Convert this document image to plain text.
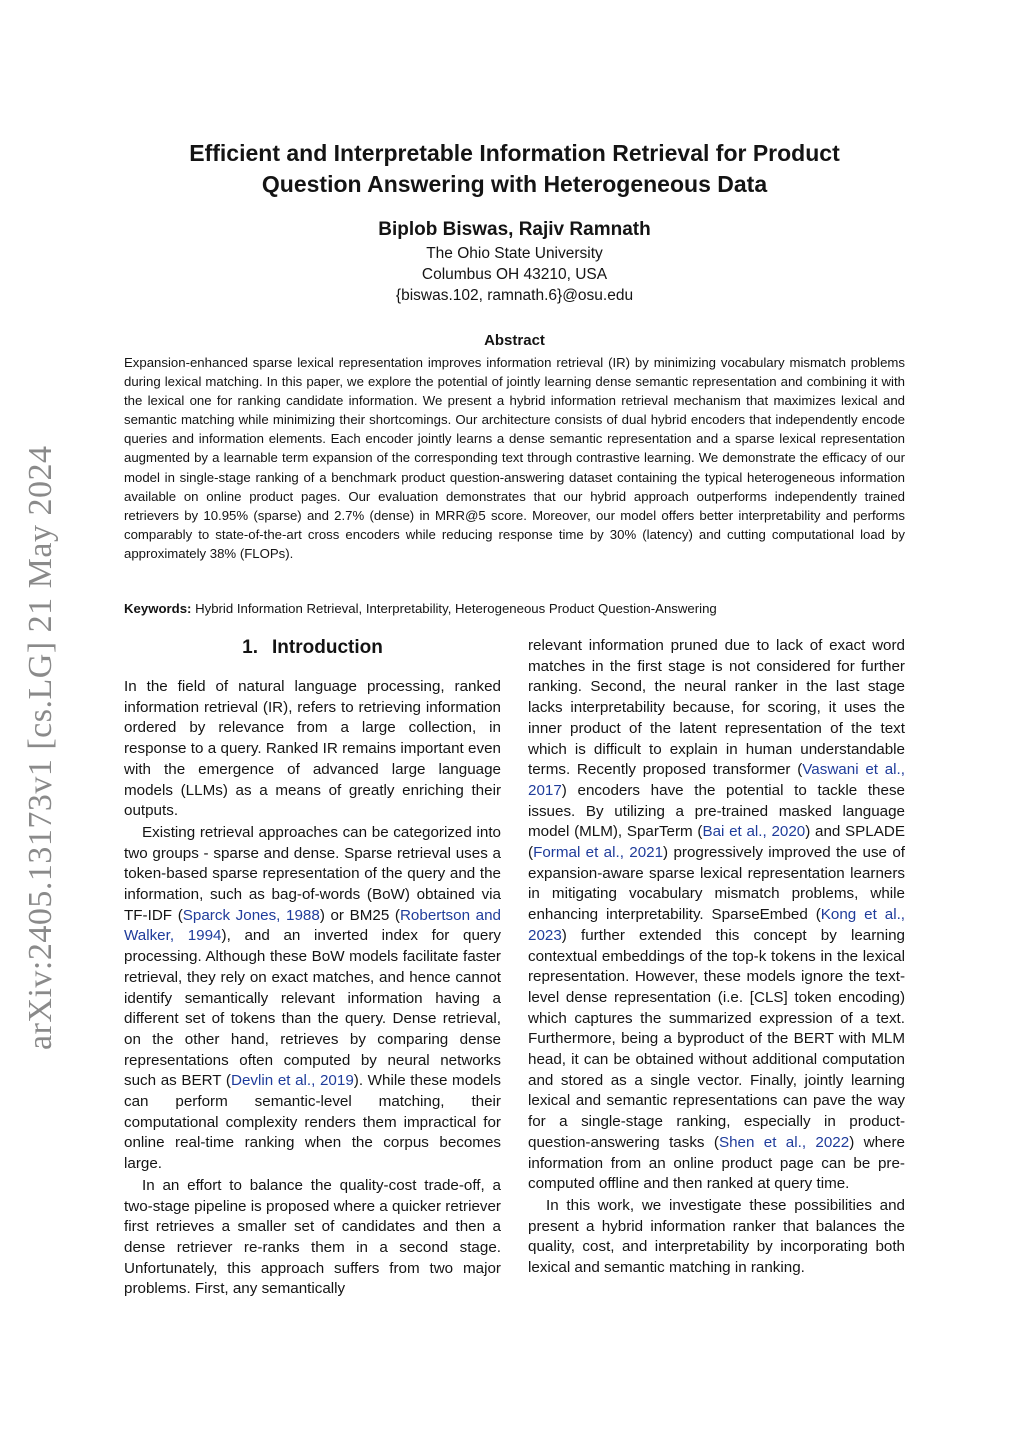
arXiv:2405.13173v1 [cs.LG] 21 May 2024
Efficient and Interpretable Information Retrieval for Product
Question Answering with Heterogeneous Data
Biplob Biswas, Rajiv Ramnath
The Ohio State University
Columbus OH 43210, USA
{biswas.102, ramnath.6}@osu.edu
Abstract
Expansion-enhanced sparse lexical representation improves information retrieval (IR) by minimizing vocabulary mismatch problems during lexical matching. In this paper, we explore the potential of jointly learning dense semantic representation and combining it with the lexical one for ranking candidate information. We present a hybrid information retrieval mechanism that maximizes lexical and semantic matching while minimizing their shortcomings. Our architecture consists of dual hybrid encoders that independently encode queries and information elements. Each encoder jointly learns a dense semantic representation and a sparse lexical representation augmented by a learnable term expansion of the corresponding text through contrastive learning. We demonstrate the efficacy of our model in single-stage ranking of a benchmark product question-answering dataset containing the typical heterogeneous information available on online product pages. Our evaluation demonstrates that our hybrid approach outperforms independently trained retrievers by 10.95% (sparse) and 2.7% (dense) in MRR@5 score. Moreover, our model offers better interpretability and performs comparably to state-of-the-art cross encoders while reducing response time by 30% (latency) and cutting computational load by approximately 38% (FLOPs).
Keywords: Hybrid Information Retrieval, Interpretability, Heterogeneous Product Question-Answering
1. Introduction

In the field of natural language processing, ranked information retrieval (IR), refers to retrieving information ordered by relevance from a large collection, in response to a query. Ranked IR remains important even with the emergence of advanced large language models (LLMs) as a means of greatly enriching their outputs.

Existing retrieval approaches can be categorized into two groups - sparse and dense. Sparse retrieval uses a token-based sparse representation of the query and the information, such as bag-of-words (BoW) obtained via TF-IDF (Sparck Jones, 1988) or BM25 (Robertson and Walker, 1994), and an inverted index for query processing. Although these BoW models facilitate faster retrieval, they rely on exact matches, and hence cannot identify semantically relevant information having a different set of tokens than the query. Dense retrieval, on the other hand, retrieves by comparing dense representations often computed by neural networks such as BERT (Devlin et al., 2019). While these models can perform semantic-level matching, their computational complexity renders them impractical for online real-time ranking when the corpus becomes large.

In an effort to balance the quality-cost trade-off, a two-stage pipeline is proposed where a quicker retriever first retrieves a smaller set of candidates and then a dense retriever re-ranks them in a second stage. Unfortunately, this approach suffers from two major problems. First, any semantically

relevant information pruned due to lack of exact word matches in the first stage is not considered for further ranking. Second, the neural ranker in the last stage lacks interpretability because, for scoring, it uses the inner product of the latent representation of the text which is difficult to explain in human understandable terms. Recently proposed transformer (Vaswani et al., 2017) encoders have the potential to tackle these issues. By utilizing a pre-trained masked language model (MLM), SparTerm (Bai et al., 2020) and SPLADE (Formal et al., 2021) progressively improved the use of expansion-aware sparse lexical representation learners in mitigating vocabulary mismatch problems, while enhancing interpretability. SparseEmbed (Kong et al., 2023) further extended this concept by learning contextual embeddings of the top-k tokens in the lexical representation. However, these models ignore the text-level dense representation (i.e. [CLS] token encoding) which captures the summarized expression of a text. Furthermore, being a byproduct of the BERT with MLM head, it can be obtained without additional computation and stored as a single vector. Finally, jointly learning lexical and semantic representations can pave the way for a single-stage ranking, especially in product-question-answering tasks (Shen et al., 2022) where information from an online product page can be pre-computed offline and then ranked at query time.

In this work, we investigate these possibilities and present a hybrid information ranker that balances the quality, cost, and interpretability by incorporating both lexical and semantic matching in ranking.
